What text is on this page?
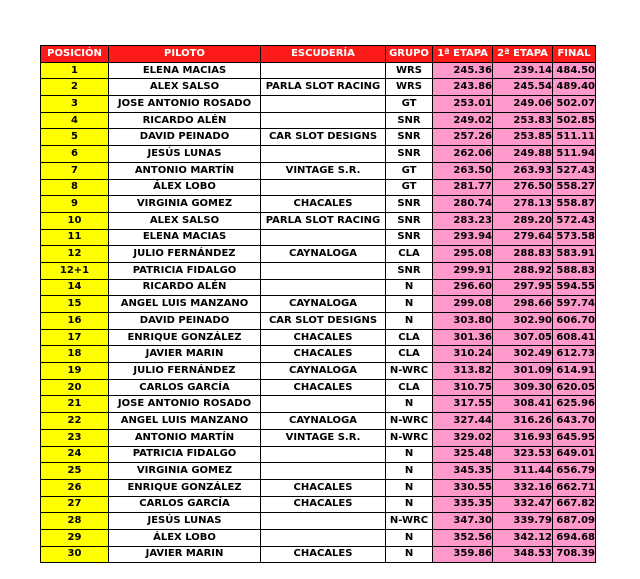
POSICIÓN	PILOTO	ESCUDERÍA	GRUPO	1ª ETAPA	2ª ETAPA	FINAL
1	ELENA MACIAS		WRS	245.36	239.14	484.50
2	ALEX SALSO	PARLA SLOT RACING	WRS	243.86	245.54	489.40
3	JOSE ANTONIO ROSADO		GT	253.01	249.06	502.07
4	RICARDO ALÉN		SNR	249.02	253.83	502.85
5	DAVID PEINADO	CAR SLOT DESIGNS	SNR	257.26	253.85	511.11
6	JESÚS LUNAS		SNR	262.06	249.88	511.94
7	ANTONIO MARTÍN	VINTAGE S.R.	GT	263.50	263.93	527.43
8	ÁLEX LOBO		GT	281.77	276.50	558.27
9	VIRGINIA GOMEZ	CHACALES	SNR	280.74	278.13	558.87
10	ALEX SALSO	PARLA SLOT RACING	SNR	283.23	289.20	572.43
11	ELENA MACIAS		SNR	293.94	279.64	573.58
12	JULIO FERNÁNDEZ	CAYNALOGA	CLA	295.08	288.83	583.91
12+1	PATRICIA FIDALGO		SNR	299.91	288.92	588.83
14	RICARDO ALÉN		N	296.60	297.95	594.55
15	ANGEL LUIS MANZANO	CAYNALOGA	N	299.08	298.66	597.74
16	DAVID PEINADO	CAR SLOT DESIGNS	N	303.80	302.90	606.70
17	ENRIQUE GONZÁLEZ	CHACALES	CLA	301.36	307.05	608.41
18	JAVIER MARIN	CHACALES	CLA	310.24	302.49	612.73
19	JULIO FERNÁNDEZ	CAYNALOGA	N-WRC	313.82	301.09	614.91
20	CARLOS GARCÍA	CHACALES	CLA	310.75	309.30	620.05
21	JOSE ANTONIO ROSADO		N	317.55	308.41	625.96
22	ANGEL LUIS MANZANO	CAYNALOGA	N-WRC	327.44	316.26	643.70
23	ANTONIO MARTÍN	VINTAGE S.R.	N-WRC	329.02	316.93	645.95
24	PATRICIA FIDALGO		N	325.48	323.53	649.01
25	VIRGINIA GOMEZ		N	345.35	311.44	656.79
26	ENRIQUE GONZÁLEZ	CHACALES	N	330.55	332.16	662.71
27	CARLOS GARCÍA	CHACALES	N	335.35	332.47	667.82
28	JESÚS LUNAS		N-WRC	347.30	339.79	687.09
29	ÁLEX LOBO		N	352.56	342.12	694.68
30	JAVIER MARIN	CHACALES	N	359.86	348.53	708.39
